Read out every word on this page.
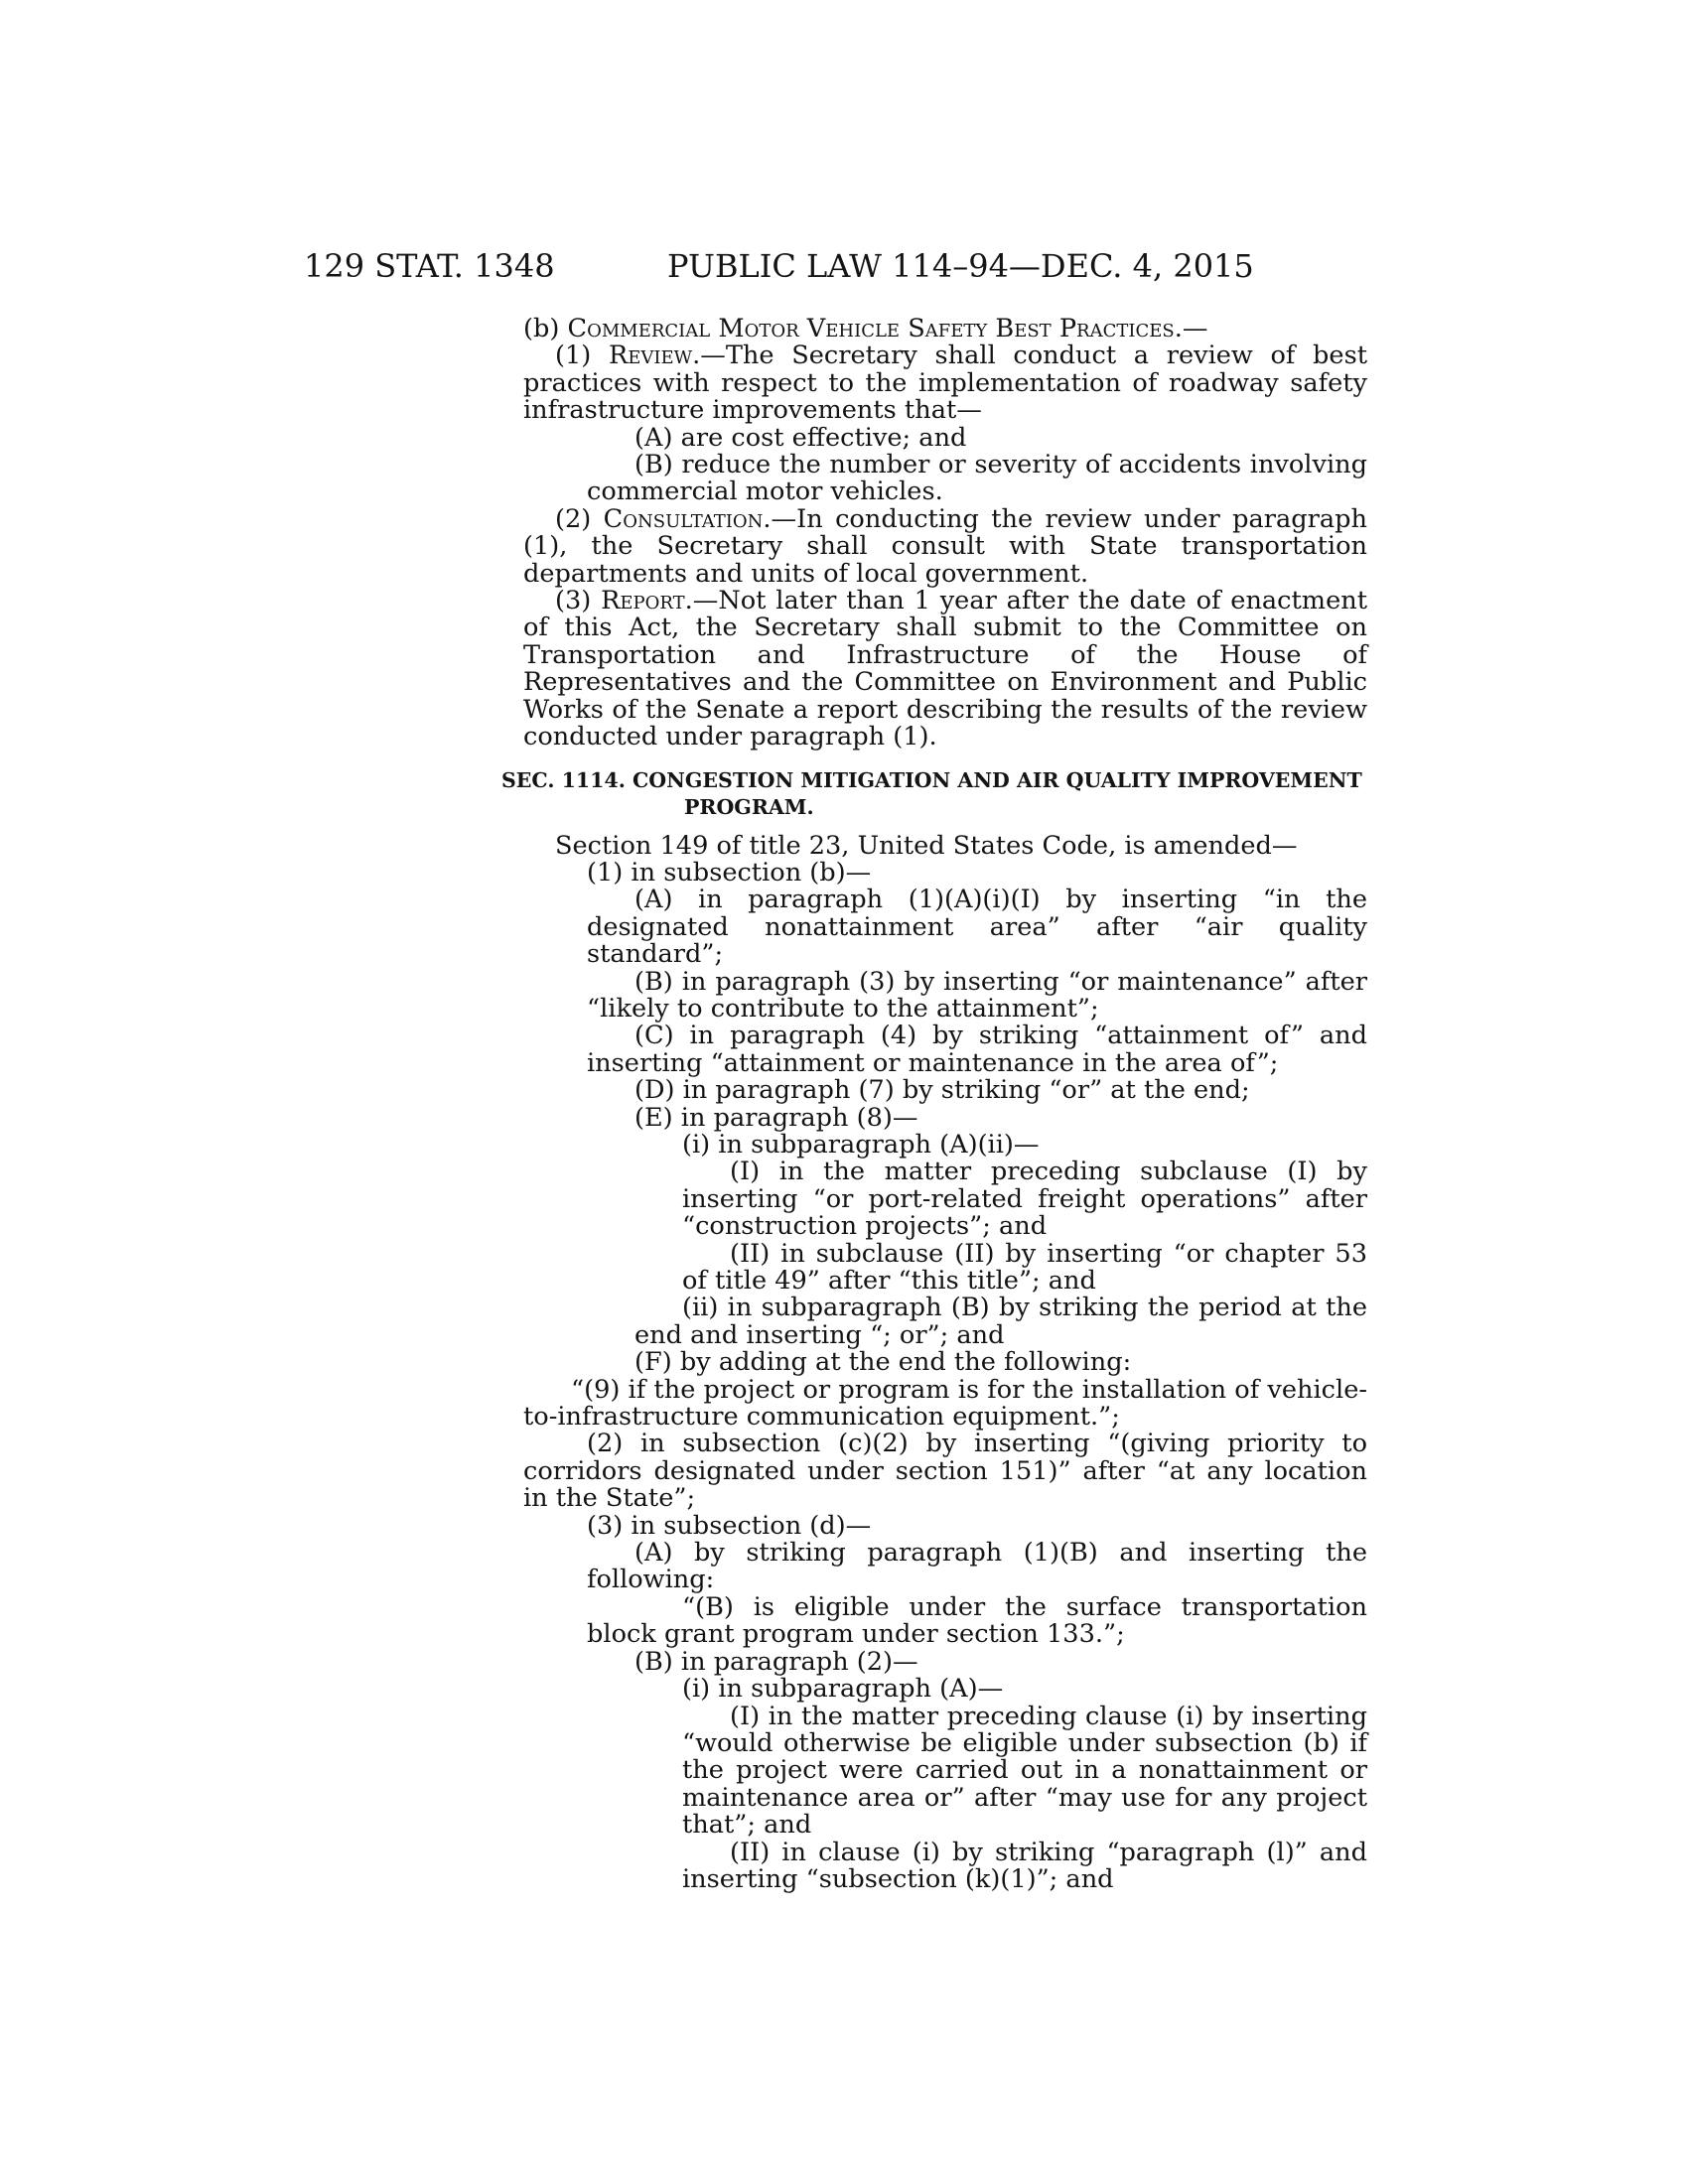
129 STAT. 1348	PUBLIC LAW 114–94—DEC. 4, 2015

(b) Commercial Motor Vehicle Safety Best Practices.—

(1) Review.—The Secretary shall conduct a review of best practices with respect to the implementation of roadway safety infrastructure improvements that—

(A) are cost effective; and

(B) reduce the number or severity of accidents involving commercial motor vehicles.

(2) Consultation.—In conducting the review under paragraph (1), the Secretary shall consult with State transportation departments and units of local government.

(3) Report.—Not later than 1 year after the date of enactment of this Act, the Secretary shall submit to the Committee on Transportation and Infrastructure of the House of Representatives and the Committee on Environment and Public Works of the Senate a report describing the results of the review conducted under paragraph (1).

SEC. 1114. CONGESTION MITIGATION AND AIR QUALITY IMPROVEMENT PROGRAM.

Section 149 of title 23, United States Code, is amended—

(1) in subsection (b)—

(A) in paragraph (1)(A)(i)(I) by inserting “in the designated nonattainment area” after “air quality standard”;

(B) in paragraph (3) by inserting “or maintenance” after “likely to contribute to the attainment”;

(C) in paragraph (4) by striking “attainment of” and inserting “attainment or maintenance in the area of”;

(D) in paragraph (7) by striking “or” at the end;

(E) in paragraph (8)—

(i) in subparagraph (A)(ii)—

(I) in the matter preceding subclause (I) by inserting “or port-related freight operations” after “construction projects”; and

(II) in subclause (II) by inserting “or chapter 53 of title 49” after “this title”; and

(ii) in subparagraph (B) by striking the period at the end and inserting “; or”; and

(F) by adding at the end the following:

“(9) if the project or program is for the installation of vehicle-to-infrastructure communication equipment.”;

(2) in subsection (c)(2) by inserting “(giving priority to corridors designated under section 151)” after “at any location in the State”;

(3) in subsection (d)—

(A) by striking paragraph (1)(B) and inserting the following:

“(B) is eligible under the surface transportation block grant program under section 133.”;

(B) in paragraph (2)—

(i) in subparagraph (A)—

(I) in the matter preceding clause (i) by inserting “would otherwise be eligible under subsection (b) if the project were carried out in a nonattainment or maintenance area or” after “may use for any project that”; and

(II) in clause (i) by striking “paragraph (l)” and inserting “subsection (k)(1)”; and
